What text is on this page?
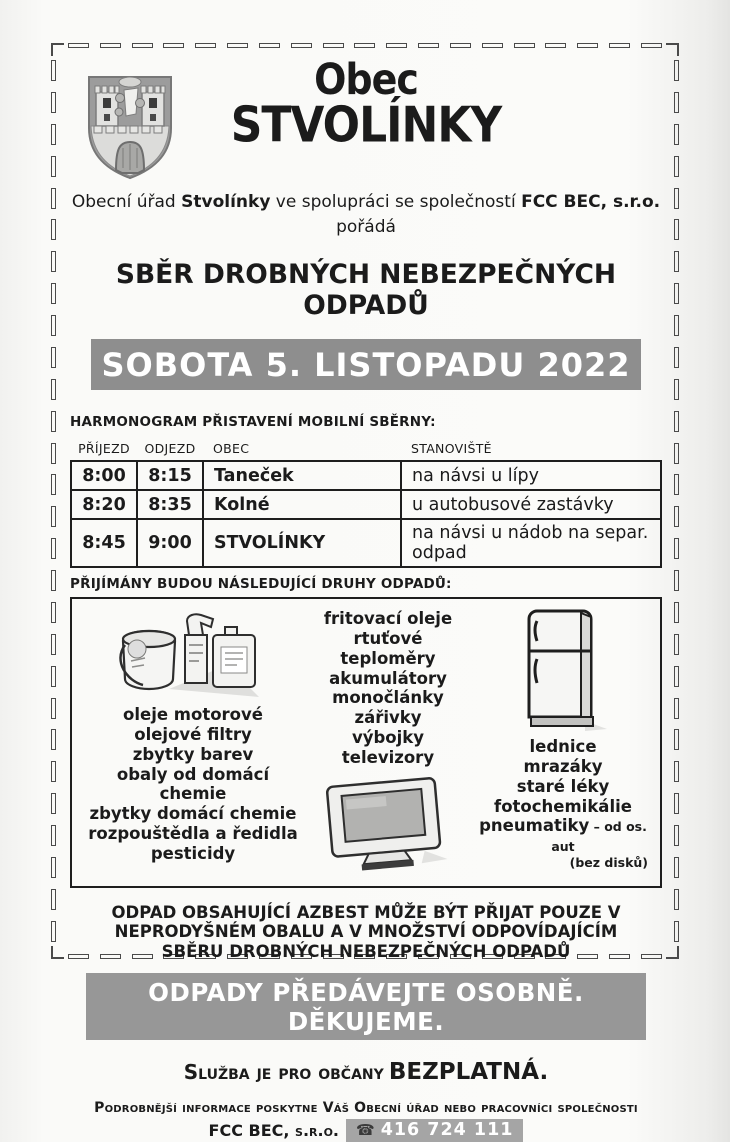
Obec
STVOLÍNKY
Obecní úřad Stvolínky ve spolupráci se společností FCC BEC, s.r.o.
pořádá
SBĚR DROBNÝCH NEBEZPEČNÝCH ODPADŮ
SOBOTA 5. LISTOPADU 2022
HARMONOGRAM PŘISTAVENÍ MOBILNÍ SBĚRNY:
PŘÍJEZD	ODJEZD	OBEC	STANOVIŠTĚ
8:00	8:15	Taneček	na návsi u lípy
8:20	8:35	Kolné	u autobusové zastávky
8:45	9:00	STVOLÍNKY	na návsi u nádob na separ. odpad
PŘIJÍMÁNY BUDOU NÁSLEDUJÍCÍ DRUHY ODPADŮ:
oleje motorové
olejové filtry
zbytky barev
obaly od domácí chemie
zbytky domácí chemie
rozpouštědla a ředidla
pesticidy
fritovací oleje
rtuťové teploměry
akumulátory
monočlánky
zářivky
výbojky
televizory
lednice
mrazáky
staré léky
fotochemikálie
pneumatiky – od os. aut
(bez disků)
ODPAD OBSAHUJÍCÍ AZBEST MŮŽE BÝT PŘIJAT POUZE V NEPRODYŠNÉM OBALU A V MNOŽSTVÍ ODPOVÍDAJÍCÍM SBĚRU DROBNÝCH NEBEZPEČNÝCH ODPADŮ
ODPADY PŘEDÁVEJTE OSOBNĚ. DĚKUJEME.
Služba je pro občany BEZPLATNÁ.
Podrobnější informace poskytne Váš Obecní úřad nebo pracovníci společnosti
FCC BEC, s.r.o. ☎ 416 724 111
